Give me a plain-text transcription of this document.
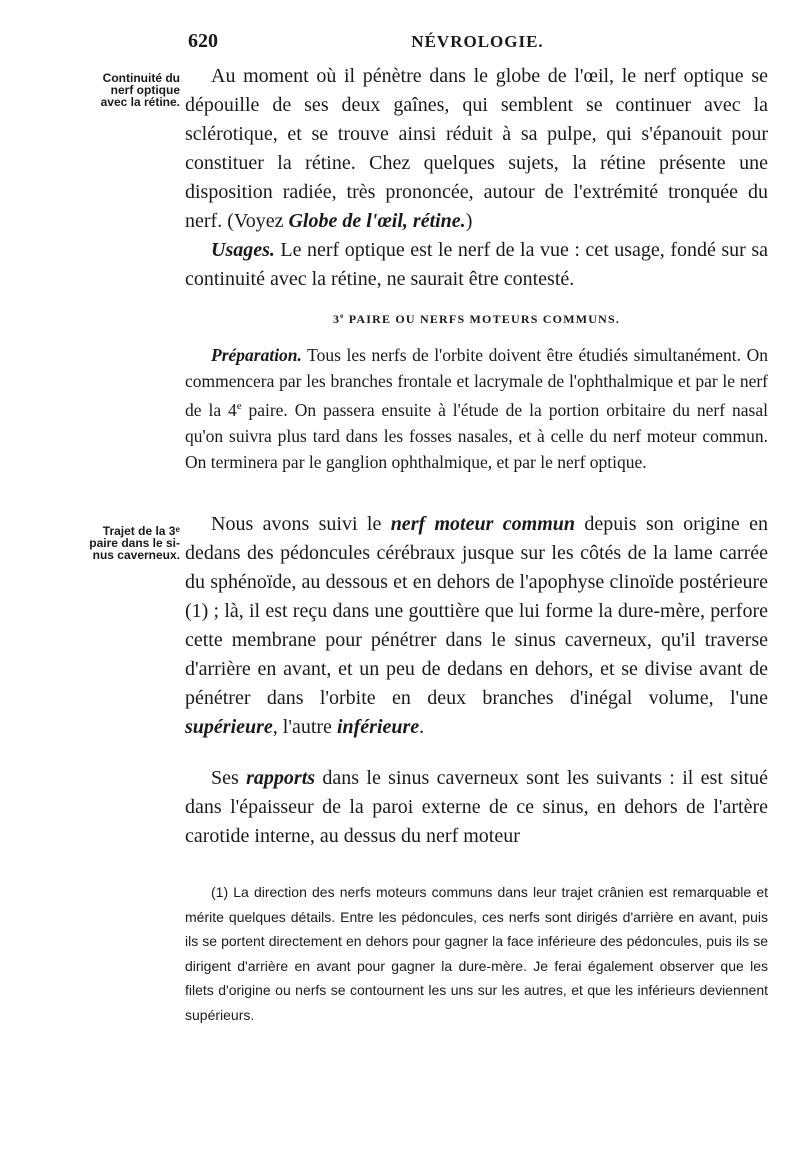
620	NÉVROLOGIE.
Continuité du
nerf optique
avec la rétine.

Au moment où il pénètre dans le globe de l'œil, le nerf optique se dépouille de ses deux gaînes, qui semblent se continuer avec la sclérotique, et se trouve ainsi réduit à sa pulpe, qui s'épanouit pour constituer la rétine. Chez quelques sujets, la rétine présente une disposition radiée, très prononcée, autour de l'extrémité tronquée du nerf. (Voyez Globe de l'œil, rétine.)

Usages. Le nerf optique est le nerf de la vue : cet usage, fondé sur sa continuité avec la rétine, ne saurait être contesté.

3e PAIRE OU NERFS MOTEURS COMMUNS.

Préparation. Tous les nerfs de l'orbite doivent être étudiés simultanément. On commencera par les branches frontale et lacrymale de l'ophthalmique et par le nerf de la 4e paire. On passera ensuite à l'étude de la portion orbitaire du nerf nasal qu'on suivra plus tard dans les fosses nasales, et à celle du nerf moteur commun. On terminera par le ganglion ophthalmique, et par le nerf optique.

Trajet de la 3ᵉ
paire dans le si-
nus caverneux.

Nous avons suivi le nerf moteur commun depuis son origine en dedans des pédoncules cérébraux jusque sur les côtés de la lame carrée du sphénoïde, au dessous et en dehors de l'apophyse clinoïde postérieure (1) ; là, il est reçu dans une gouttière que lui forme la dure-mère, perfore cette membrane pour pénétrer dans le sinus caverneux, qu'il traverse d'arrière en avant, et un peu de dedans en dehors, et se divise avant de pénétrer dans l'orbite en deux branches d'inégal volume, l'une supérieure, l'autre inférieure.

Ses rapports dans le sinus caverneux sont les suivants : il est situé dans l'épaisseur de la paroi externe de ce sinus, en dehors de l'artère carotide interne, au dessus du nerf moteur

(1) La direction des nerfs moteurs communs dans leur trajet crânien est remarquable et mérite quelques détails. Entre les pédoncules, ces nerfs sont dirigés d'arrière en avant, puis ils se portent directement en dehors pour gagner la face inférieure des pédoncules, puis ils se dirigent d'arrière en avant pour gagner la dure-mère. Je ferai également observer que les filets d'origine ou nerfs se contournent les uns sur les autres, et que les inférieurs deviennent supérieurs.
